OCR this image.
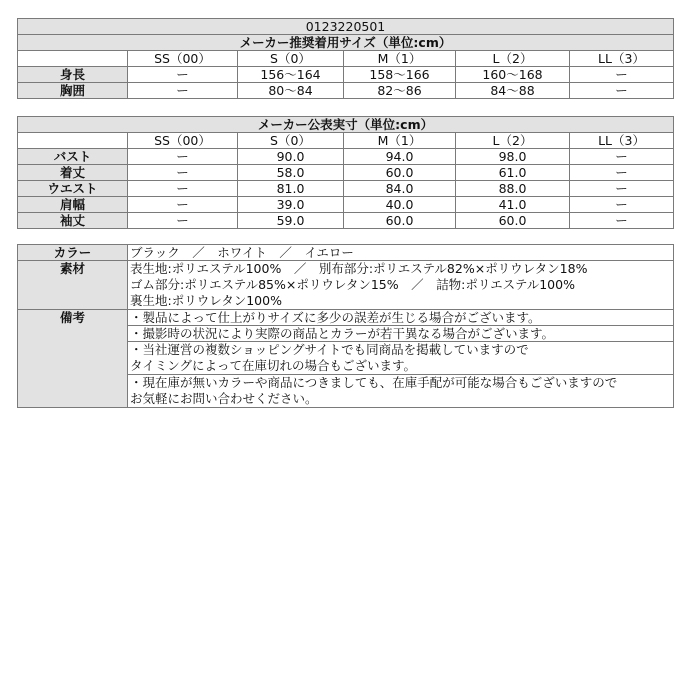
0123220501					
メーカー推奨着用サイズ（単位:cm）					
	SS（00）	S（0）	M（1）	L（2）	LL（3）
身長	ー	156～164	158～166	160～168	ー
胸囲	ー	80～84	82～86	84～88	ー
メーカー公表実寸（単位:cm）					
	SS（00）	S（0）	M（1）	L（2）	LL（3）
バスト	ー	90.0	94.0	98.0	ー
着丈	ー	58.0	60.0	61.0	ー
ウエスト	ー	81.0	84.0	88.0	ー
肩幅	ー	39.0	40.0	41.0	ー
袖丈	ー	59.0	60.0	60.0	ー
カラー	ブラック　／　ホワイト　／　イエロー
素材	表生地:ポリエステル100%　／　別布部分:ポリエステル82%×ポリウレタン18%
ゴム部分:ポリエステル85%×ポリウレタン15%　／　詰物:ポリエステル100%
裏生地:ポリウレタン100%

備考	・製品によって仕上がりサイズに多少の誤差が生じる場合がございます。
	・撮影時の状況により実際の商品とカラーが若干異なる場合がございます。

	・当社運営の複数ショッピングサイトでも同商品を掲載していますので
タイミングによって在庫切れの場合もございます。

	・現在庫が無いカラーや商品につきましても、在庫手配が可能な場合もございますので
お気軽にお問い合わせください。
